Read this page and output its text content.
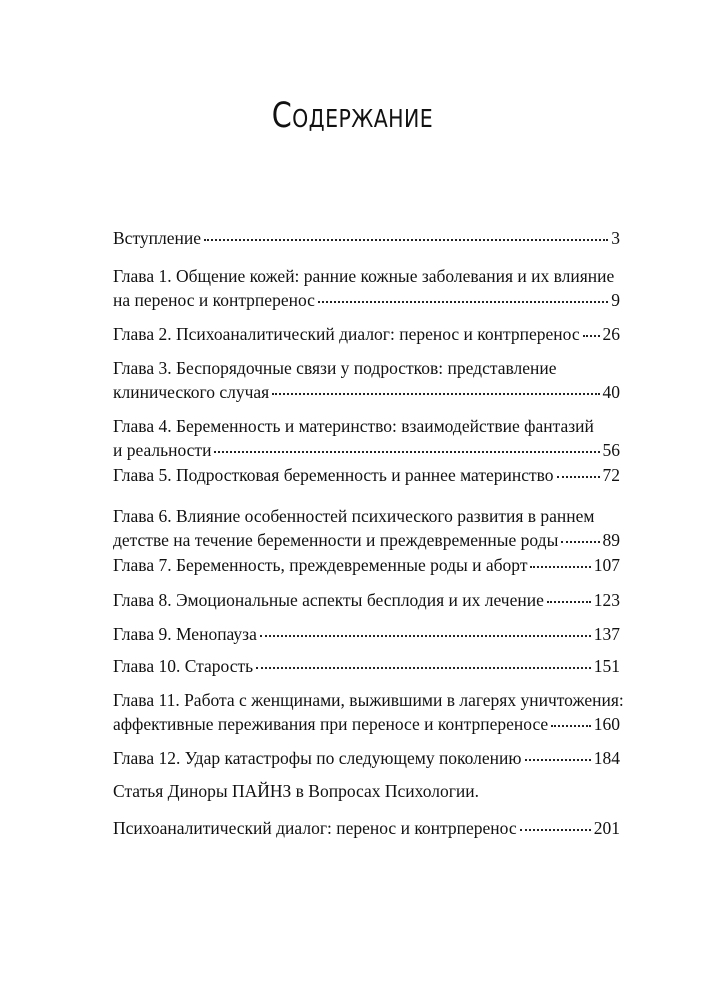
Содержание
Вступление	3
Глава 1. Общение кожей: ранние кожные заболевания и их влияние
на перенос и контрперенос	9
Глава 2. Психоаналитический диалог: перенос и контрперенос 26
Глава 3. Беспорядочные связи у подростков: представление
клинического случая	40
Глава 4. Беременность и материнство: взаимодействие фантазий
и реальности	56
Глава 5. Подростковая беременность и раннее материнство	72
Глава 6. Влияние особенностей психического развития в раннем
детстве на течение беременности и преждевременные роды	89
Глава 7. Беременность, преждевременные роды и аборт	107
Глава 8. Эмоциональные аспекты бесплодия и их лечение	123
Глава 9. Менопауза	137
Глава 10. Старость	151
Глава 11. Работа с женщинами, выжившими в лагерях уничтожения:
аффективные переживания при переносе и контрпереносе	160
Глава 12. Удар катастрофы по следующему поколению	184
Статья Диноры ПАЙНЗ в Вопросах Психологии.
Психоаналитический диалог: перенос и контрперенос	201
